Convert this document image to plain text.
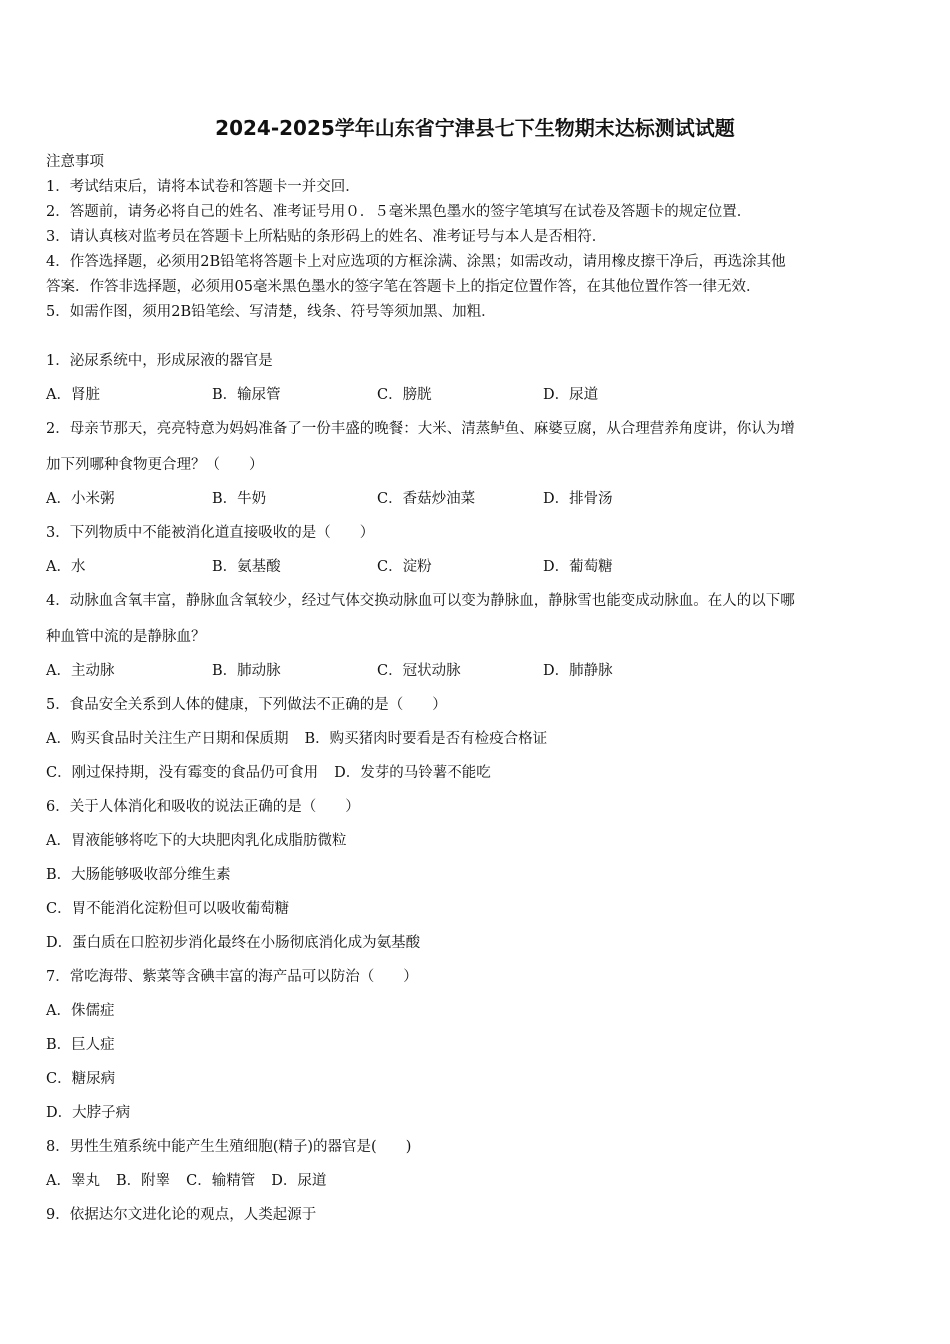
2024-2025学年山东省宁津县七下生物期末达标测试试题

注意事项

1．考试结束后，请将本试卷和答题卡一并交回．

2．答题前，请务必将自己的姓名、准考证号用０．５毫米黑色墨水的签字笔填写在试卷及答题卡的规定位置．

3．请认真核对监考员在答题卡上所粘贴的条形码上的姓名、准考证号与本人是否相符．

4．作答选择题，必须用2B铅笔将答题卡上对应选项的方框涂满、涂黑；如需改动，请用橡皮擦干净后，再选涂其他

答案．作答非选择题，必须用05毫米黑色墨水的签字笔在答题卡上的指定位置作答，在其他位置作答一律无效．

5．如需作图，须用2B铅笔绘、写清楚，线条、符号等须加黑、加粗．

1．泌尿系统中，形成尿液的器官是
A．肾脏	B．输尿管	C．膀胱	D．尿道
2．母亲节那天，亮亮特意为妈妈准备了一份丰盛的晚餐：大米、清蒸鲈鱼、麻婆豆腐，从合理营养角度讲，你认为增
加下列哪种食物更合理？（　　）
A．小米粥	B．牛奶	C．香菇炒油菜	D．排骨汤
3．下列物质中不能被消化道直接吸收的是（　　）
A．水	B．氨基酸	C．淀粉	D．葡萄糖
4．动脉血含氧丰富，静脉血含氧较少，经过气体交换动脉血可以变为静脉血，静脉雪也能变成动脉血。在人的以下哪
种血管中流的是静脉血？
A．主动脉	B．肺动脉	C．冠状动脉	D．肺静脉
5．食品安全关系到人体的健康，下列做法不正确的是（　　）
A．购买食品时关注生产日期和保质期 B．购买猪肉时要看是否有检疫合格证
C．刚过保持期，没有霉变的食品仍可食用 D．发芽的马铃薯不能吃
6．关于人体消化和吸收的说法正确的是（　　）
A．胃液能够将吃下的大块肥肉乳化成脂肪微粒
B．大肠能够吸收部分维生素
C．胃不能消化淀粉但可以吸收葡萄糖
D．蛋白质在口腔初步消化最终在小肠彻底消化成为氨基酸
7．常吃海带、紫菜等含碘丰富的海产品可以防治（　　）
A．侏儒症
B．巨人症
C．糖尿病
D．大脖子病
8．男性生殖系统中能产生生殖细胞(精子)的器官是(　　)
A．睾丸 B．附睾 C．输精管 D．尿道
9．依据达尔文进化论的观点，人类起源于
